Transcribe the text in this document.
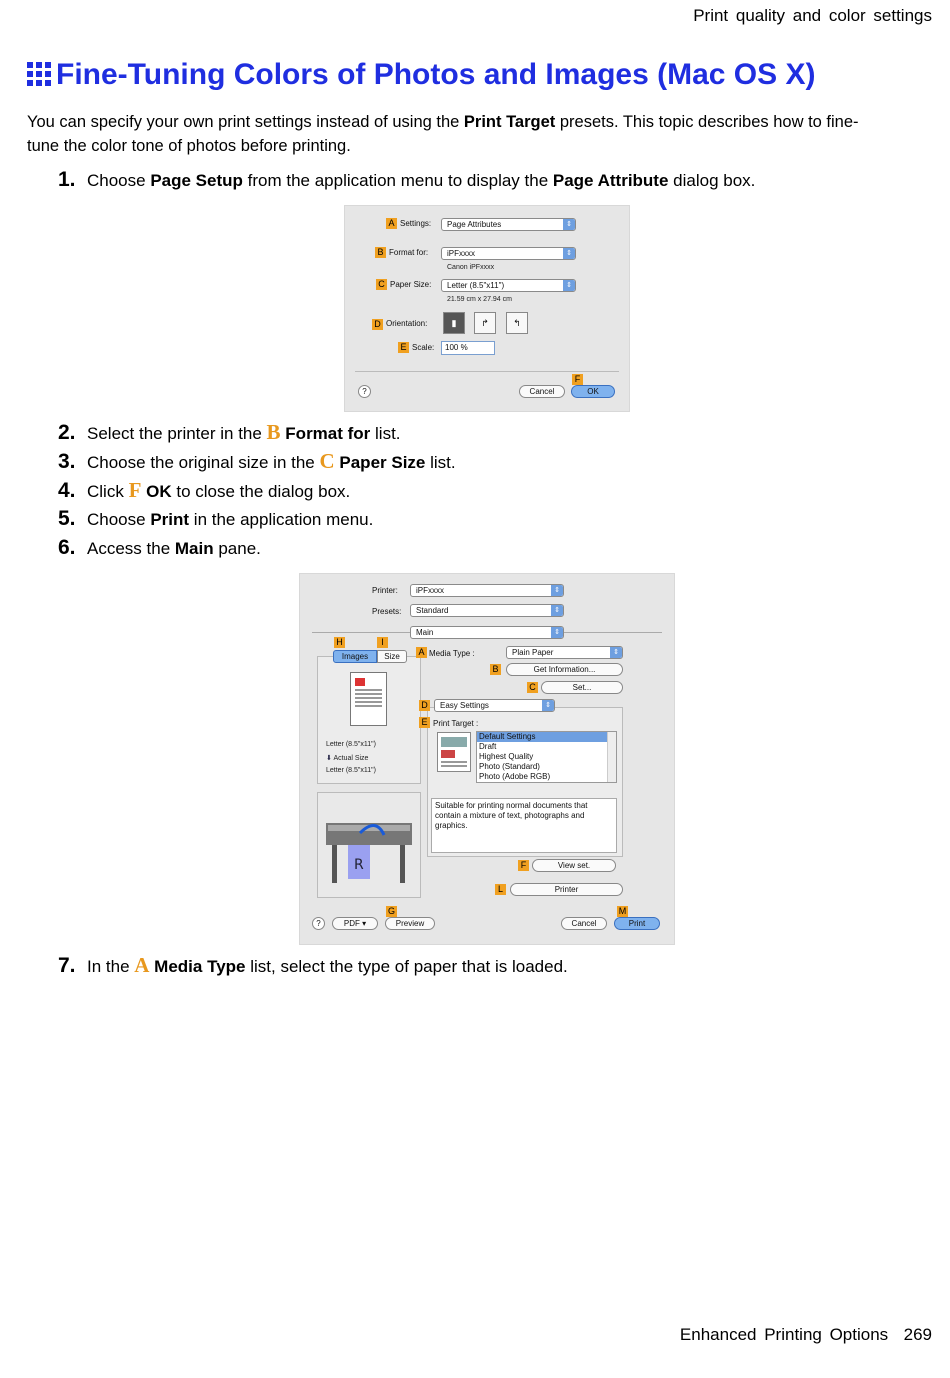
Print quality and color settings
Fine-Tuning Colors of Photos and Images (Mac OS X)
You can specify your own print settings instead of using the Print Target presets. This topic describes how to fine-tune the color tone of photos before printing.
1. Choose Page Setup from the application menu to display the Page Attribute dialog box.
A Settings:	Page Attributes	⇕
B Format for:	iPFxxxx	⇕
Canon iPFxxxx
C Paper Size:	Letter (8.5"x11")	⇕
21.59 cm x 27.94 cm
D Orientation:	▮	↱	↰
E Scale:	100 %
?	Cancel
F
OK
2. Select the printer in the B Format for list.
3. Choose the original size in the C Paper Size list.
4. Click F OK to close the dialog box.
5. Choose Print in the application menu.
6. Access the Main pane.
Printer:	iPFxxxx	⇕
Presets:	Standard	⇕
Main	⇕
H	I
Images	Size
Letter (8.5"x11")
⬇ Actual Size
Letter (8.5"x11")
R
A Media Type :	Plain Paper	⇕
B	Get Information...
C	Set...
D	Easy Settings	⇕
E Print Target :
Default Settings
Draft
Highest Quality
Photo (Standard)
Photo (Adobe RGB)
Suitable for printing normal documents that contain a mixture of text, photographs and graphics.
F	View set.
L	Printer
?	PDF ▾
G
Preview	Cancel
M
Print
7. In the A Media Type list, select the type of paper that is loaded.
Enhanced Printing Options 269
